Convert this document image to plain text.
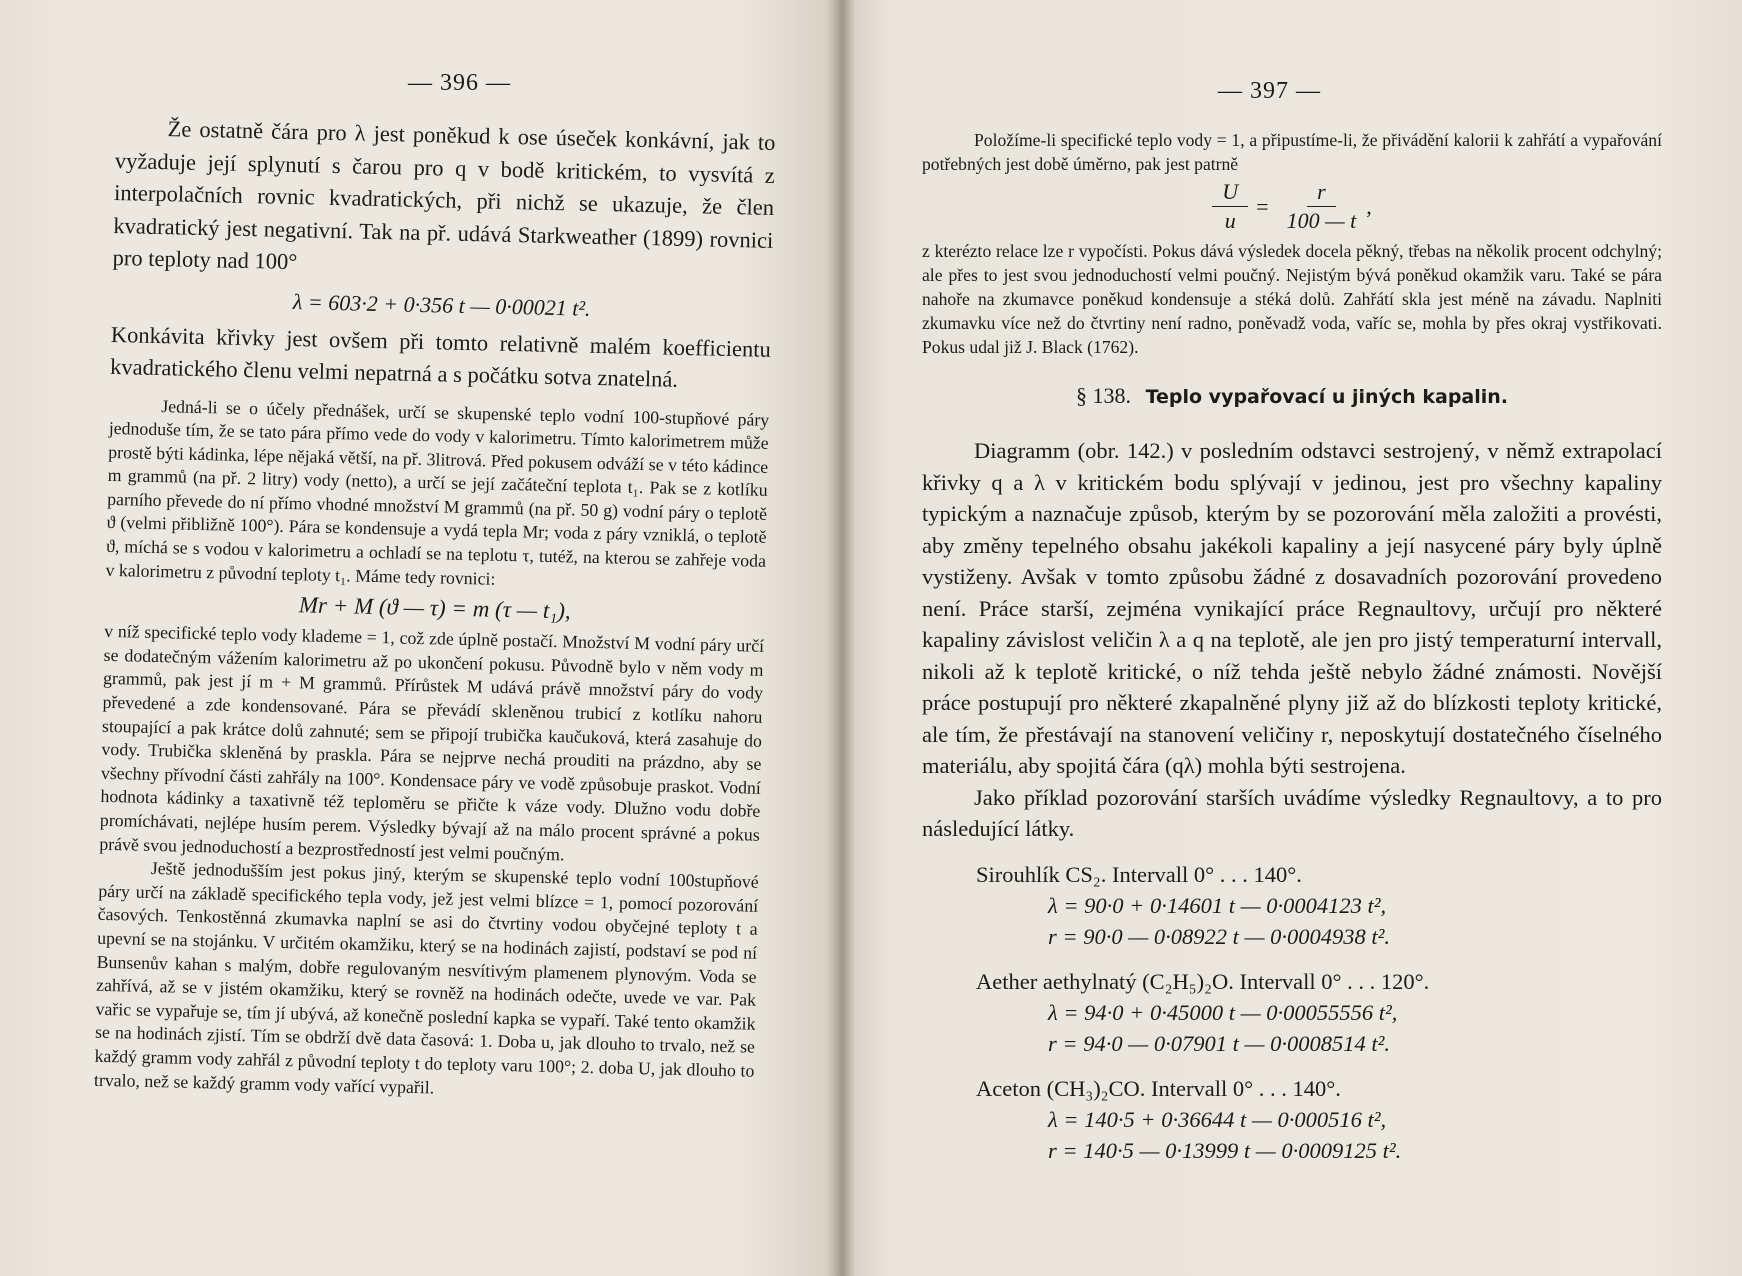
— 396 —

Že ostatně čára pro λ jest poněkud k ose úseček konkávní, jak to vyžaduje její splynutí s čarou pro q v bodě kritickém, to vysvítá z interpolačních rovnic kvadratických, při nichž se ukazuje, že člen kvadratický jest negativní. Tak na př. udává Starkweather (1899) rovnici pro teploty nad 100°

λ = 603·2 + 0·356 t — 0·00021 t².

Konkávita křivky jest ovšem při tomto relativně malém koefficientu kvadratického členu velmi nepatrná a s počátku sotva znatelná.

Jedná-li se o účely přednášek, určí se skupenské teplo vodní 100-stupňové páry jednoduše tím, že se tato pára přímo vede do vody v kalorimetru. Tímto kalorimetrem může prostě býti kádinka, lépe nějaká větší, na př. 3litrová. Před pokusem odváží se v této kádince m grammů (na př. 2 litry) vody (netto), a určí se její začáteční teplota t₁. Pak se z kotlíku parního převede do ní přímo vhodné množství M grammů (na př. 50 g) vodní páry o teplotě ϑ (velmi přibližně 100°). Pára se kondensuje a vydá tepla Mr; voda z páry vzniklá, o teplotě ϑ, míchá se s vodou v kalorimetru a ochladí se na teplotu τ, tutéž, na kterou se zahřeje voda v kalorimetru z původní teploty t₁. Máme tedy rovnici:

Mr + M (ϑ — τ) = m (τ — t₁),

v níž specifické teplo vody klademe = 1, což zde úplně postačí. Množství M vodní páry určí se dodatečným vážením kalorimetru až po ukončení pokusu. Původně bylo v něm vody m grammů, pak jest jí m + M grammů. Přírůstek M udává právě množství páry do vody převedené a zde kondensované. Pára se převádí skleněnou trubicí z kotlíku nahoru stoupající a pak krátce dolů zahnuté; sem se připojí trubička kaučuková, která zasahuje do vody. Trubička skleněná by praskla. Pára se nejprve nechá prouditi na prázdno, aby se všechny přívodní části zahřály na 100°. Kondensace páry ve vodě způsobuje praskot. Vodní hodnota kádinky a taxativně též teploměru se přičte k váze vody. Dlužno vodu dobře promíchávati, nejlépe husím perem. Výsledky bývají až na málo procent správné a pokus právě svou jednoduchostí a bezprostředností jest velmi poučným.

Ještě jednodušším jest pokus jiný, kterým se skupenské teplo vodní 100stupňové páry určí na základě specifického tepla vody, jež jest velmi blízce = 1, pomocí pozorování časových. Tenkostěnná zkumavka naplní se asi do čtvrtiny vodou obyčejné teploty t a upevní se na stojánku. V určitém okamžiku, který se na hodinách zajistí, podstaví se pod ní Bunsenův kahan s malým, dobře regulovaným nesvítivým plamenem plynovým. Voda se zahřívá, až se v jistém okamžiku, který se rovněž na hodinách odečte, uvede ve var. Pak vařic se vypařuje se, tím jí ubývá, až konečně poslední kapka se vypaří. Také tento okamžik se na hodinách zjistí. Tím se obdrží dvě data časová: 1. Doba u, jak dlouho to trvalo, než se každý gramm vody zahřál z původní teploty t do teploty varu 100°; 2. doba U, jak dlouho to trvalo, než se každý gramm vody vařící vypařil.

— 397 —

Položíme-li specifické teplo vody = 1, a připustíme-li, že přivádění kalorii k zahřátí a vypařování potřebných jest době úměrno, pak jest patrně

$\frac{U}{u} = \frac{r}{100 — t}$ ,

z kterézto relace lze r vypočísti. Pokus dává výsledek docela pěkný, třebas na několik procent odchylný; ale přes to jest svou jednoduchostí velmi poučný. Nejistým bývá poněkud okamžik varu. Také se pára nahoře na zkumavce poněkud kondensuje a stéká dolů. Zahřátí skla jest méně na závadu. Naplniti zkumavku více než do čtvrtiny není radno, poněvadž voda, vaříc se, mohla by přes okraj vystřikovati. Pokus udal již J. Black (1762).

§ 138. Teplo vypařovací u jiných kapalin.

Diagramm (obr. 142.) v posledním odstavci sestrojený, v němž extrapolací křivky q a λ v kritickém bodu splývají v jedinou, jest pro všechny kapaliny typickým a naznačuje způsob, kterým by se pozorování měla založiti a provésti, aby změny tepelného obsahu jakékoli kapaliny a její nasycené páry byly úplně vystiženy. Avšak v tomto způsobu žádné z dosavadních pozorování provedeno není. Práce starší, zejména vynikající práce Regnaultovy, určují pro některé kapaliny závislost veličin λ a q na teplotě, ale jen pro jistý temperaturní intervall, nikoli až k teplotě kritické, o níž tehda ještě nebylo žádné známosti. Novější práce postupují pro některé zkapalněné plyny již až do blízkosti teploty kritické, ale tím, že přestávají na stanovení veličiny r, neposkytují dostatečného číselného materiálu, aby spojitá čára (qλ) mohla býti sestrojena.

Jako příklad pozorování starších uvádíme výsledky Regnaultovy, a to pro následující látky.

Sirouhlík CS₂. Intervall 0° . . . 140°.
λ = 90·0 + 0·14601 t — 0·0004123 t²,
r = 90·0 — 0·08922 t — 0·0004938 t².
Aether aethylnatý (C₂H₅)₂O. Intervall 0° . . . 120°.
λ = 94·0 + 0·45000 t — 0·00055556 t²,
r = 94·0 — 0·07901 t — 0·0008514 t².
Aceton (CH₃)₂CO. Intervall 0° . . . 140°.
λ = 140·5 + 0·36644 t — 0·000516 t²,
r = 140·5 — 0·13999 t — 0·0009125 t².
